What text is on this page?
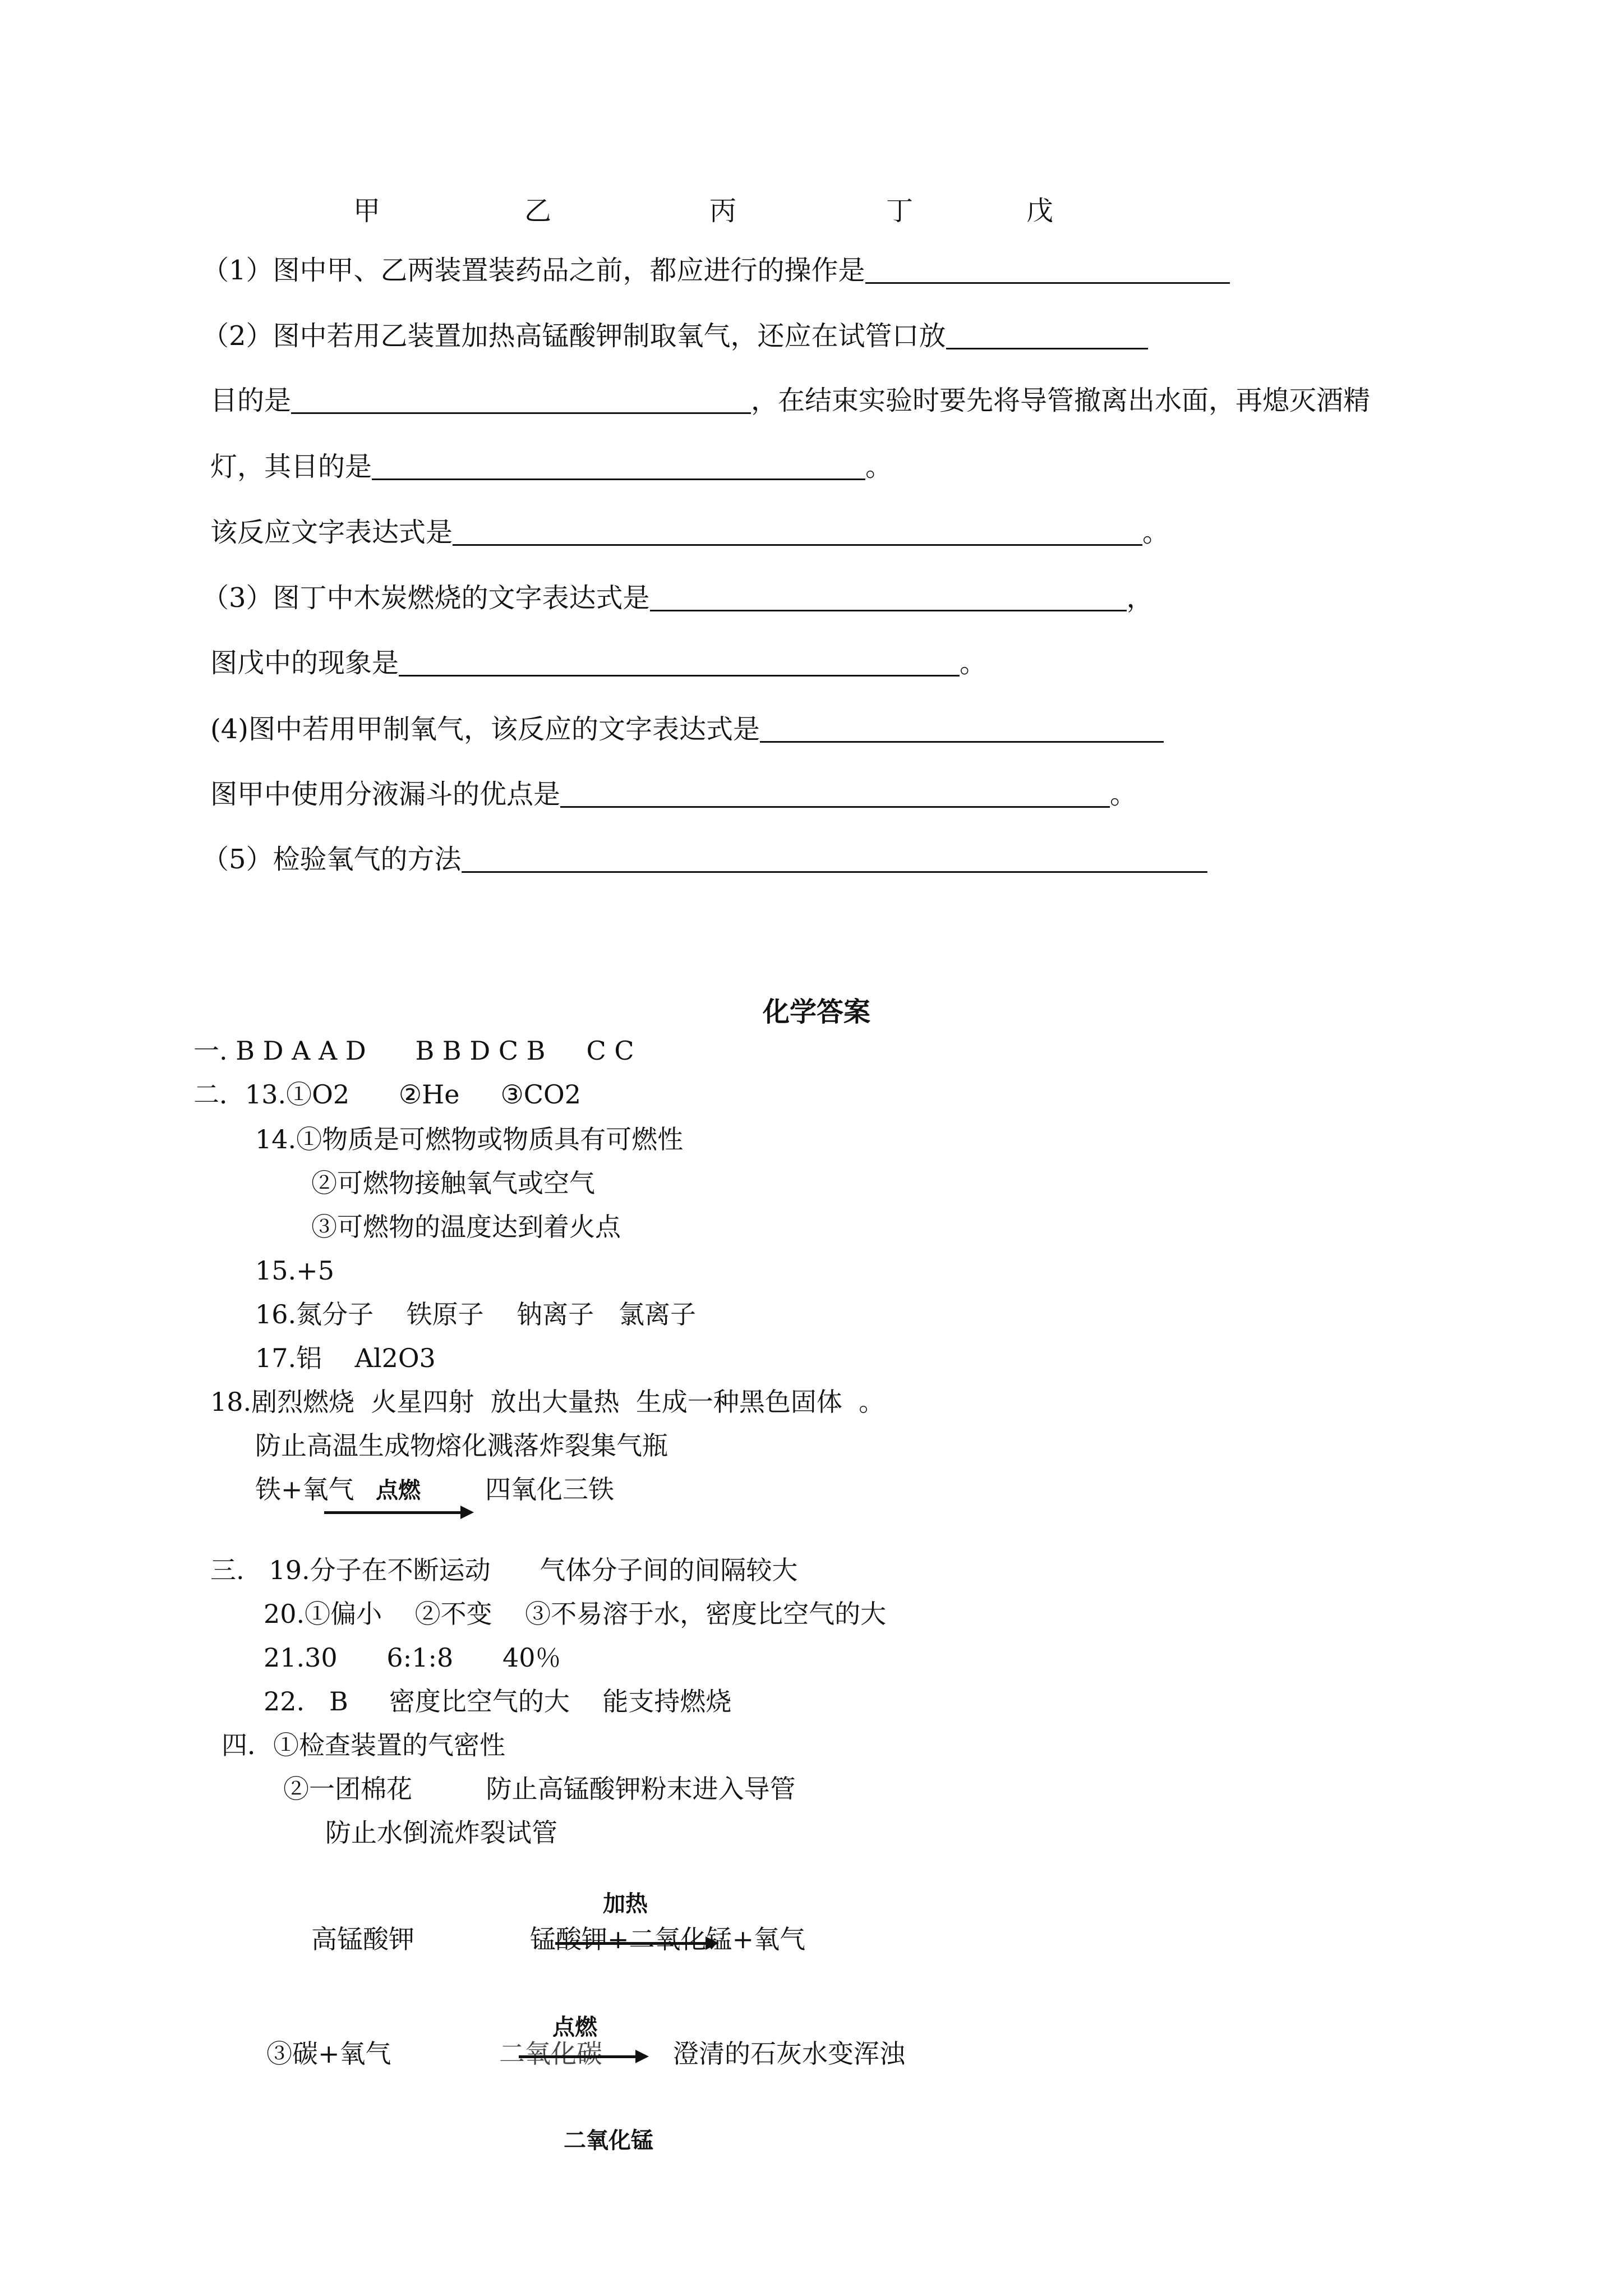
甲	乙	丙	丁	戊
（1）图中甲、乙两装置装药品之前，都应进行的操作是
（2）图中若用乙装置加热高锰酸钾制取氧气，还应在试管口放
目的是	，在结束实验时要先将导管撤离出水面，再熄灭酒精
灯，其目的是	。
该反应文字表达式是	。
（3）图丁中木炭燃烧的文字表达式是	，
图戊中的现象是	。
(4)图中若用甲制氧气，该反应的文字表达式是
图甲中使用分液漏斗的优点是	。
（5）检验氧气的方法
化学答案
一. B D A A D      B B D C B     C C
二．13.①O2      ②He     ③CO2
14.①物质是可燃物或物质具有可燃性
②可燃物接触氧气或空气
③可燃物的温度达到着火点
15.+5
16.氮分子    铁原子    钠离子   氯离子
17.铝    Al2O3
18.剧烈燃烧  火星四射  放出大量热  生成一种黑色固体  。
防止高温生成物熔化溅落炸裂集气瓶
铁+氧气 点燃	四氧化三铁
三.   19.分子在不断运动      气体分子间的间隔较大
20.①偏小    ②不变    ③不易溶于水，密度比空气的大
21.30      6:1:8      40％
22.   B     密度比空气的大    能支持燃烧
四．①检查装置的气密性
②一团棉花         防止高锰酸钾粉末进入导管
防止水倒流炸裂试管
加热
高锰酸钾	锰酸钾+二氧化锰+氧气
点燃
③碳+氧气	二氧化碳	澄清的石灰水变浑浊
二氧化锰
